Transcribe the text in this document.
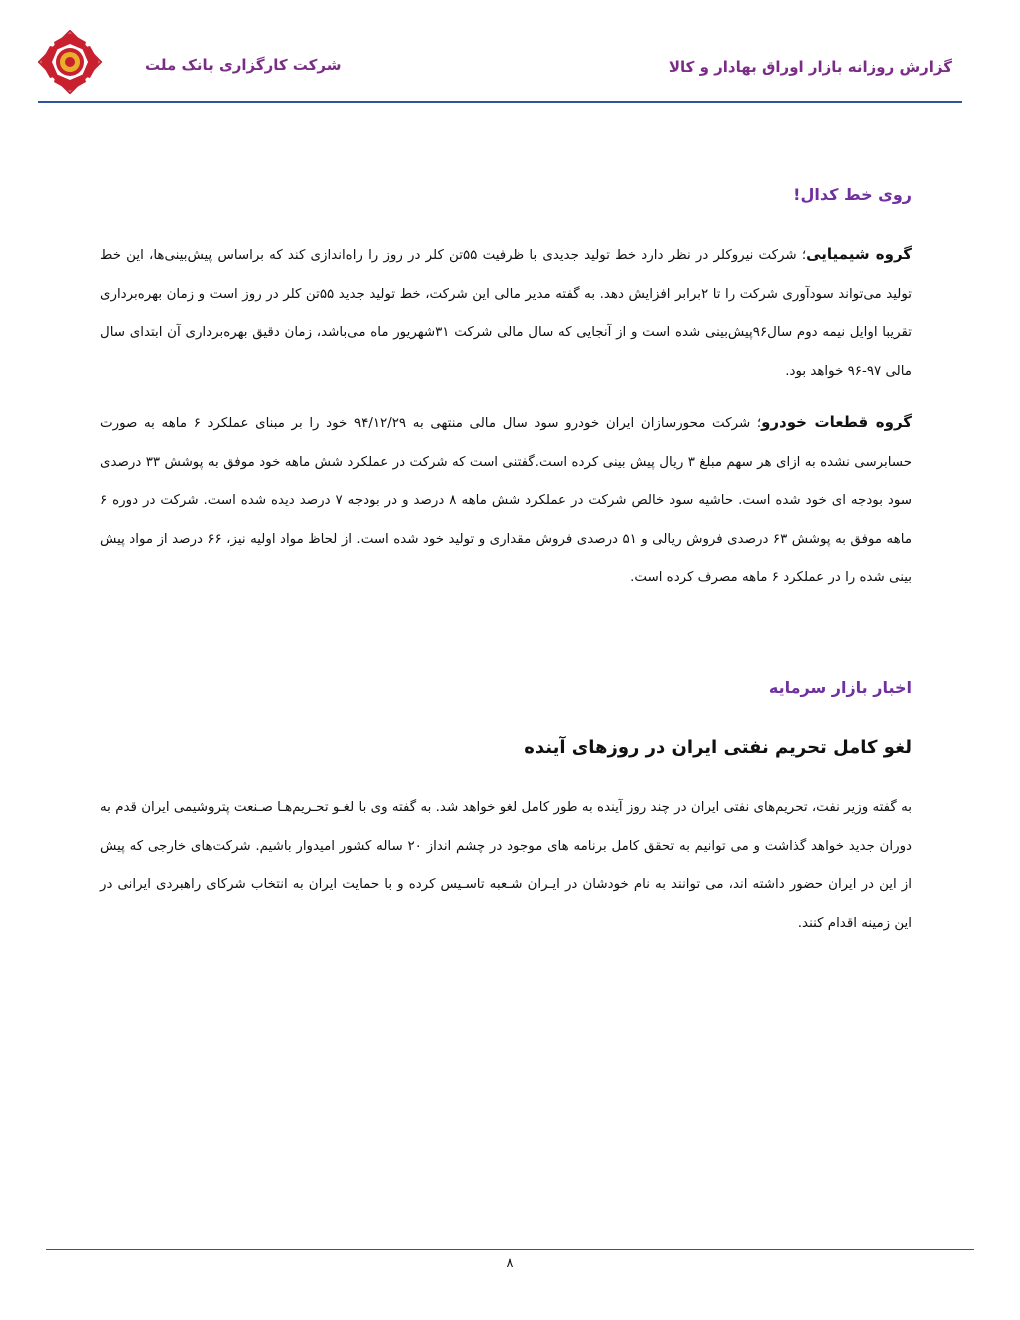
گزارش روزانه بازار اوراق بهادار و کالا
شرکت کارگزاری بانک ملت
روی خط کدال!

گروه شیمیایی؛ شرکت نیروکلر در نظر دارد خط تولید جدیدی با ظرفیت ۵۵تن کلر در روز را راه‌اندازی کند که براساس پیش‌بینی‌ها، این خط تولید می‌تواند سودآوری شرکت را تا ۲برابر افزایش دهد. به گفته مدیر مالی این شرکت، خط تولید جدید ۵۵تن کلر در روز است و زمان بهره‌برداری تقریبا اوایل نیمه دوم سال۹۶پیش‌بینی شده است و از آنجایی که سال مالی شرکت ۳۱شهریور ماه می‌باشد، زمان دقیق بهره‌برداری آن ابتدای سال مالی ۹۷-۹۶ خواهد بود.

گروه قطعات خودرو؛ شرکت محورسازان ایران خودرو سود سال مالی منتهی به ۹۴/۱۲/۲۹ خود را بر مبنای عملکرد ۶ ماهه به صورت حسابرسی نشده به ازای هر سهم مبلغ ۳ ریال پیش بینی کرده است.گفتنی است که شرکت در عملکرد شش ماهه خود موفق به پوشش ۳۳ درصدی سود بودجه ای خود شده است. حاشیه سود خالص شرکت در عملکرد شش ماهه ۸ درصد و در بودجه ۷ درصد دیده شده است. شرکت در دوره ۶ ماهه موفق به پوشش ۶۳ درصدی فروش ریالی و ۵۱ درصدی فروش مقداری و تولید خود شده است. از لحاظ مواد اولیه نیز، ۶۶ درصد از مواد پیش بینی شده را در عملکرد ۶ ماهه مصرف کرده است.

اخبار بازار سرمایه
لغو کامل تحریم نفتی ایران در روزهای آینده

به گفته وزیر نفت، تحریم‌های نفتی ایران در چند روز آینده به طور کامل لغو خواهد شد. به گفته وی با لغـو تحـریم‌هـا صـنعت پتروشیمی ایران قدم به دوران جدید خواهد گذاشت و می توانیم به تحقق کامل برنامه های موجود در چشم انداز ۲۰ ساله کشور امیدوار باشیم. شرکت‌های خارجی که پیش از این در ایران حضور داشته اند، می توانند به نام خودشان در ایـران شـعبه تاسـیس کرده و با حمایت ایران به انتخاب شرکای راهبردی ایرانی در این زمینه اقدام کنند.

۸
